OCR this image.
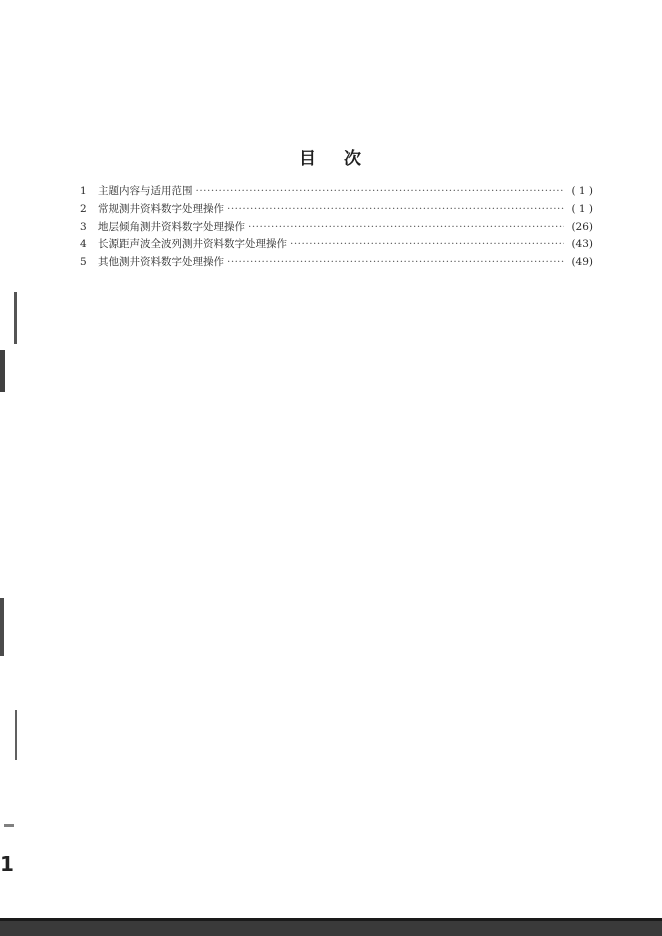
目 次
1	主题内容与适用范围 ·····	( 1 )
2	常规测井资料数字处理操作 ·····	( 1 )
3	地层倾角测井资料数字处理操作 ·····	(26)
4	长源距声波全波列测井资料数字处理操作 ·····	(43)
5	其他测井资料数字处理操作 ·····	(49)
1
